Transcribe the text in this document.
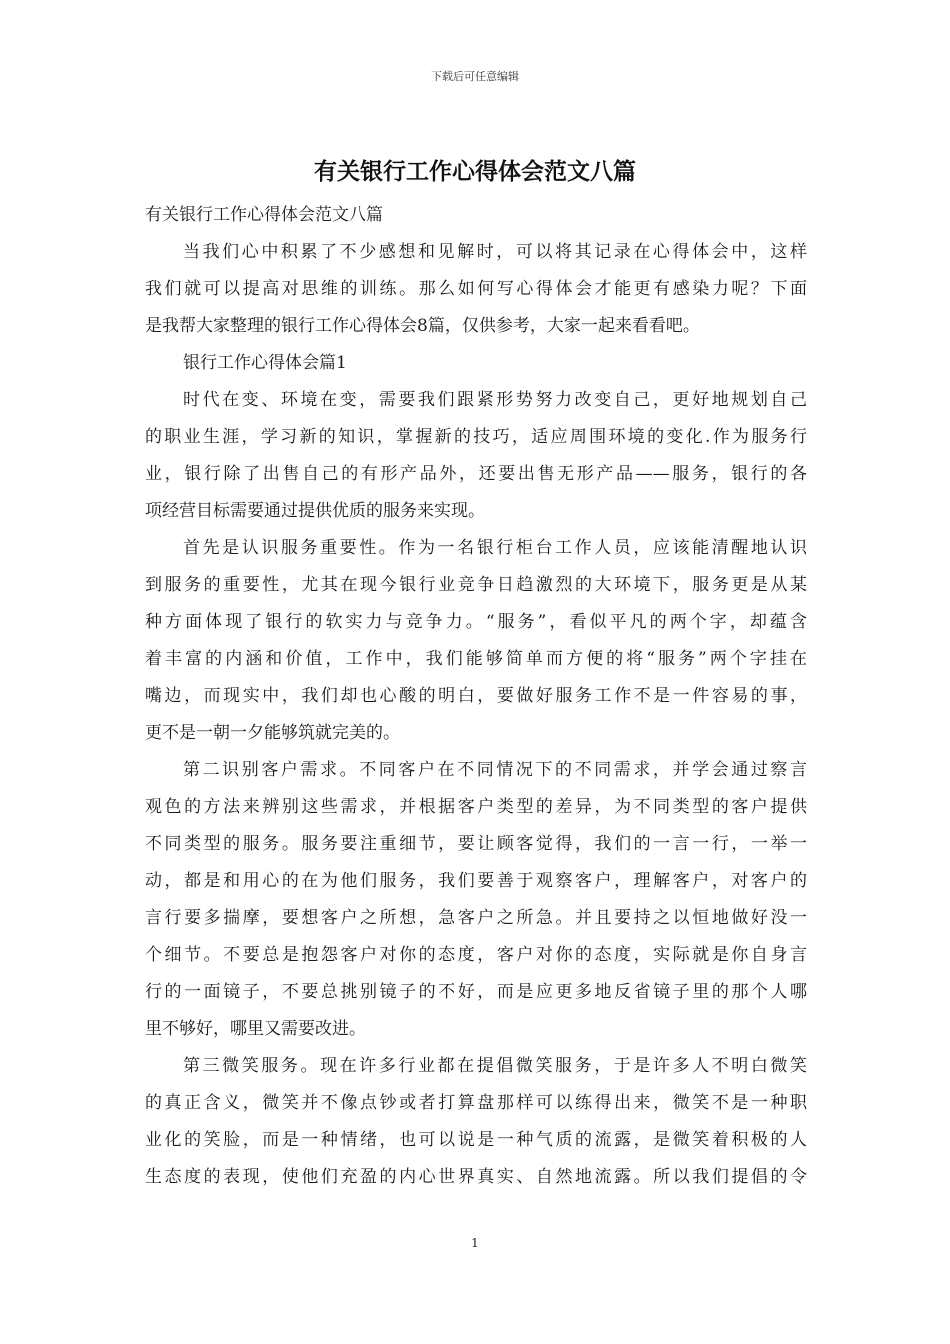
下载后可任意编辑
有关银行工作心得体会范文八篇
有关银行工作心得体会范文八篇
当我们心中积累了不少感想和见解时，可以将其记录在心得体会中，这样
我们就可以提高对思维的训练。那么如何写心得体会才能更有感染力呢？下面
是我帮大家整理的银行工作心得体会8篇，仅供参考，大家一起来看看吧。
银行工作心得体会篇1
时代在变、环境在变，需要我们跟紧形势努力改变自己，更好地规划自己
的职业生涯，学习新的知识，掌握新的技巧，适应周围环境的变化.作为服务行
业，银行除了出售自己的有形产品外，还要出售无形产品——服务，银行的各
项经营目标需要通过提供优质的服务来实现。
首先是认识服务重要性。作为一名银行柜台工作人员，应该能清醒地认识
到服务的重要性，尤其在现今银行业竞争日趋激烈的大环境下，服务更是从某
种方面体现了银行的软实力与竞争力。“服务”，看似平凡的两个字，却蕴含
着丰富的内涵和价值，工作中，我们能够简单而方便的将“服务”两个字挂在
嘴边，而现实中，我们却也心酸的明白，要做好服务工作不是一件容易的事，
更不是一朝一夕能够筑就完美的。
第二识别客户需求。不同客户在不同情况下的不同需求，并学会通过察言
观色的方法来辨别这些需求，并根据客户类型的差异，为不同类型的客户提供
不同类型的服务。服务要注重细节，要让顾客觉得，我们的一言一行，一举一
动，都是和用心的在为他们服务，我们要善于观察客户，理解客户，对客户的
言行要多揣摩，要想客户之所想，急客户之所急。并且要持之以恒地做好没一
个细节。不要总是抱怨客户对你的态度，客户对你的态度，实际就是你自身言
行的一面镜子，不要总挑别镜子的不好，而是应更多地反省镜子里的那个人哪
里不够好，哪里又需要改进。
第三微笑服务。现在许多行业都在提倡微笑服务，于是许多人不明白微笑
的真正含义，微笑并不像点钞或者打算盘那样可以练得出来，微笑不是一种职
业化的笑脸，而是一种情绪，也可以说是一种气质的流露，是微笑着积极的人
生态度的表现，使他们充盈的内心世界真实、自然地流露。所以我们提倡的令
1
